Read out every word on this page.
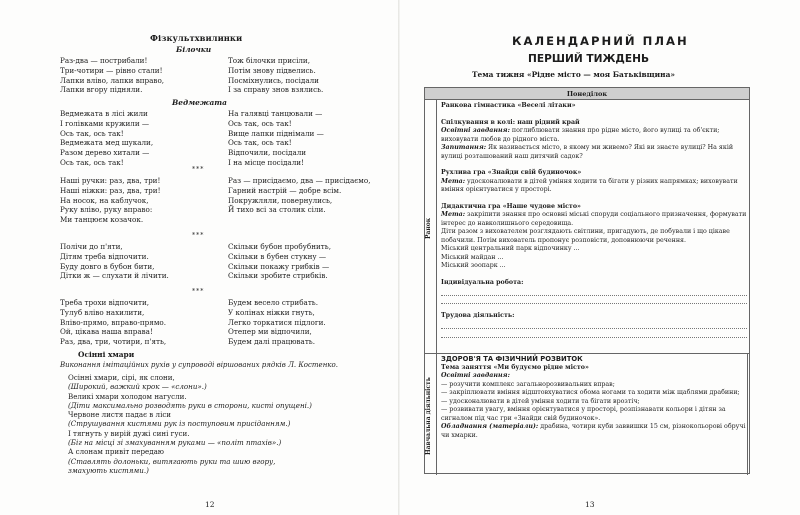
Фізкультхвилинки
Білочки
Раз-два — пострибали!
Три-чотири — рівно стали!
Лапки вліво, лапки вправо,
Лапки вгору підняли.
Тож білочки присіли,
Потім знову підвелись.
Посміхнулись, посідали
І за справу знов взялись.
Ведмежата
Ведмежата в лісі жили
І голівками кружили —
Ось так, ось так!
Ведмежата мед шукали,
Разом дерево хитали —
Ось так, ось так!
На галявці танцювали —
Ось так, ось так!
Вище лапки піднімали —
Ось так, ось так!
Відпочили, посідали
І на місце посідали!
***
Наші ручки: раз, два, три!
Наші ніжки: раз, два, три!
На носок, на каблучок,
Руку вліво, руку вправо:
Ми танцюєм козачок.
Раз — присідаємо, два — присідаємо,
Гарний настрій — добре всім.
Покружляли, повернулись,
Й тихо всі за столик сіли.
***
Полічи до п'яти,
Дітям треба відпочити.
Буду довго в бубон бити,
Дітки ж — слухати й лічити.
Скільки бубон пробубнить,
Скільки в бубен стукну —
Скільки покажу грибків —
Скільки зробите стрибків.
***
Треба трохи відпочити,
Тулуб вліво нахилити,
Вліво-прямо, вправо-прямо.
Ой, цікава наша вправа!
Раз, два, три, чотири, п'ять,
Будем весело стрибать.
У колінах ніжки гнуть,
Легко торкатися підлоги.
Отепер ми відпочили,
Будем далі працювать.
Осінні хмари
Виконання імітаційних рухів у супроводі віршованих рядків Л. Костенко.
Осінні хмари, сірі, як слони,
(Широкий, важкий крок — «слони».)
Великі хмари холодом нагусли.
(Діти максимально розводять руки в сторони, кисті опущені.)
Червоне листя падає в ліси
(Струшування кистями рук із поступовим присіданням.)
І тягнуть у вирій дужі сині гуси.
(Біг на місці зі змахуванням руками — «політ птахів».)
А слонам привіт передаю
(Ставлять долоньки, витягають руки та шию вгору,
змахують кистями.)
12
КАЛЕНДАРНИЙ ПЛАН
ПЕРШИЙ ТИЖДЕНЬ
Тема тижня «Рідне місто — моя Батьківщина»
Понеділок
Ранок
Навчальна діяльність
Ранкова гімнастика «Веселі літаки»
Спілкування в колі: наш рідний край
Освітні завдання: поглиблювати знання про рідне місто, його вулиці та об'єкти; виховувати любов до рідного міста.
Запитання: Як називається місто, в якому ми живемо? Які ви знаєте вулиці? На якій вулиці розташований наш дитячий садок?
Рухлива гра «Знайди свій будиночок»
Мета: удосконалювати в дітей уміння ходити та бігати у різних напрямках; виховувати вміння орієнтуватися у просторі.
Дидактична гра «Наше чудове місто»
Мета: закріпити знання про основні міські споруди соціального призначення, формувати інтерес до навколишнього середовища.
Діти разом з вихователем розглядають світлини, пригадують, де побували і що цікаве побачили. Потім вихователь пропонує розповісти, доповнюючи речення.
Міський центральний парк відпочинку ...
Міський майдан ...
Міський зоопарк ...
Індивідуальна робота:
Трудова діяльність:
ЗДОРОВ'Я ТА ФІЗИЧНИЙ РОЗВИТОК
Тема заняття «Ми будуємо рідне місто»
Освітні завдання:
— розучити комплекс загальнорозвивальних вправ;
— закріплювати вміння відштовхуватися обома ногами та ходити між щаблями драбини;
— удосконалювати в дітей уміння ходити та бігати врозтіч;
— розвивати увагу, вміння орієнтуватися у просторі, розпізнавати кольори і дітян за сигналом під час гри «Знайди свій будиночок».
Обладнання (матеріали): драбина, чотири куби заввишки 15 см, різнокольорові обручі чи хмарки.
13
